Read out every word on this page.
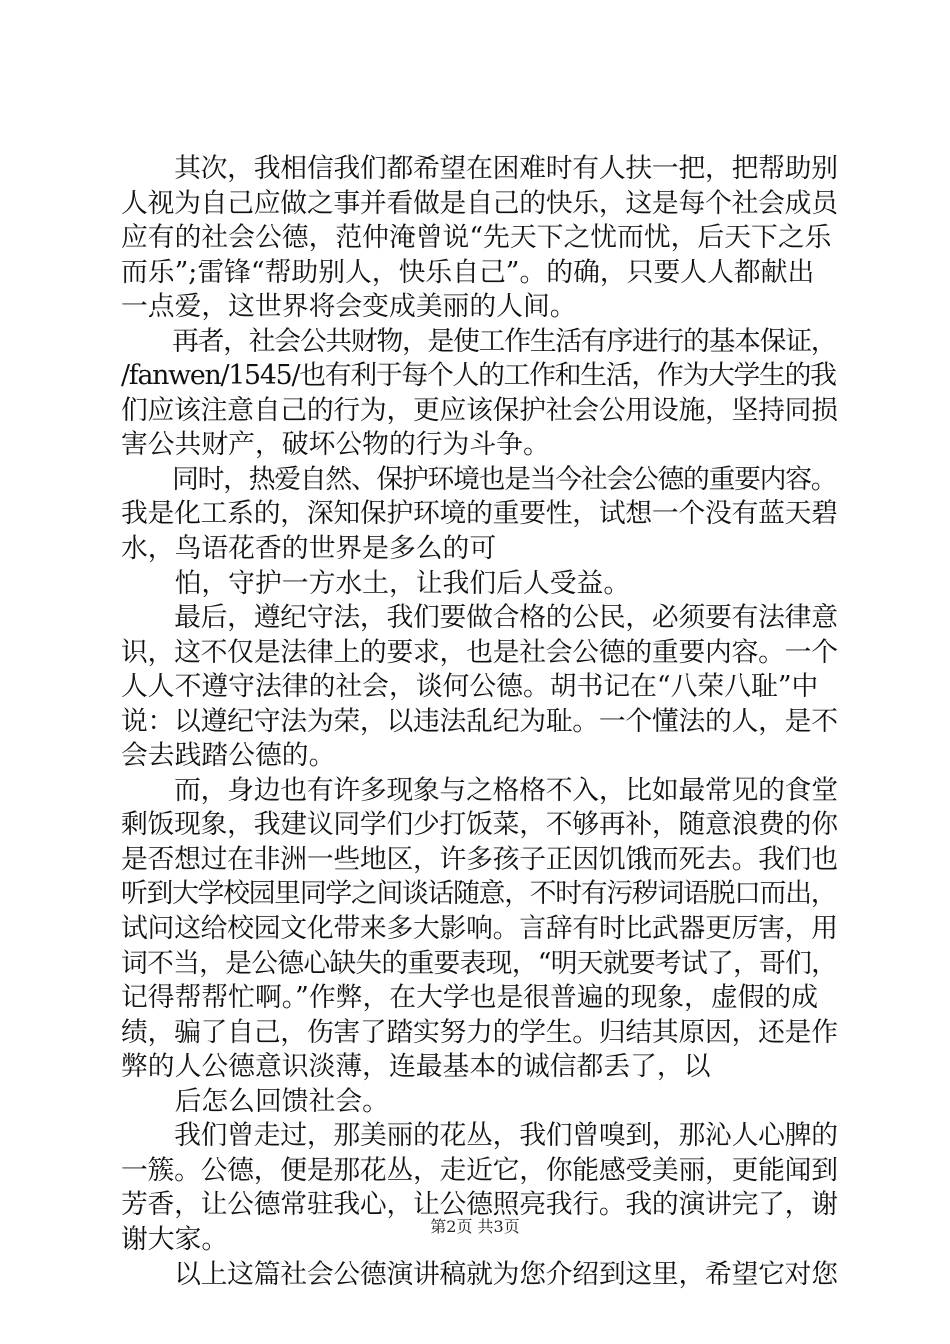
　　其次，我相信我们都希望在困难时有人扶一把，把帮助别
人视为自己应做之事并看做是自己的快乐，这是每个社会成员
应有的社会公德，范仲淹曾说“先天下之忧而忧，后天下之乐
而乐”;雷锋“帮助别人，快乐自己”。的确，只要人人都献出
一点爱，这世界将会变成美丽的人间。
　　再者，社会公共财物，是使工作生活有序进行的基本保证，
/fanwen/1545/也有利于每个人的工作和生活，作为大学生的我
们应该注意自己的行为，更应该保护社会公用设施，坚持同损
害公共财产，破坏公物的行为斗争。
　　同时，热爱自然、保护环境也是当今社会公德的重要内容。
我是化工系的，深知保护环境的重要性，试想一个没有蓝天碧
水，鸟语花香的世界是多么的可
　　怕，守护一方水土，让我们后人受益。
　　最后，遵纪守法，我们要做合格的公民，必须要有法律意
识，这不仅是法律上的要求，也是社会公德的重要内容。一个
人人不遵守法律的社会，谈何公德。胡书记在“八荣八耻”中
说：以遵纪守法为荣，以违法乱纪为耻。一个懂法的人，是不
会去践踏公德的。
　　而，身边也有许多现象与之格格不入，比如最常见的食堂
剩饭现象，我建议同学们少打饭菜，不够再补，随意浪费的你
是否想过在非洲一些地区，许多孩子正因饥饿而死去。我们也
听到大学校园里同学之间谈话随意，不时有污秽词语脱口而出，
试问这给校园文化带来多大影响。言辞有时比武器更厉害，用
词不当，是公德心缺失的重要表现，“明天就要考试了，哥们，
记得帮帮忙啊。”作弊，在大学也是很普遍的现象，虚假的成
绩，骗了自己，伤害了踏实努力的学生。归结其原因，还是作
弊的人公德意识淡薄，连最基本的诚信都丢了，以
　　后怎么回馈社会。
　　我们曾走过，那美丽的花丛，我们曾嗅到，那沁人心脾的
一簇。公德，便是那花丛，走近它，你能感受美丽，更能闻到
芳香，让公德常驻我心，让公德照亮我行。我的演讲完了，谢
谢大家。
　　以上这篇社会公德演讲稿就为您介绍到这里，希望它对您
第2页 共3页
